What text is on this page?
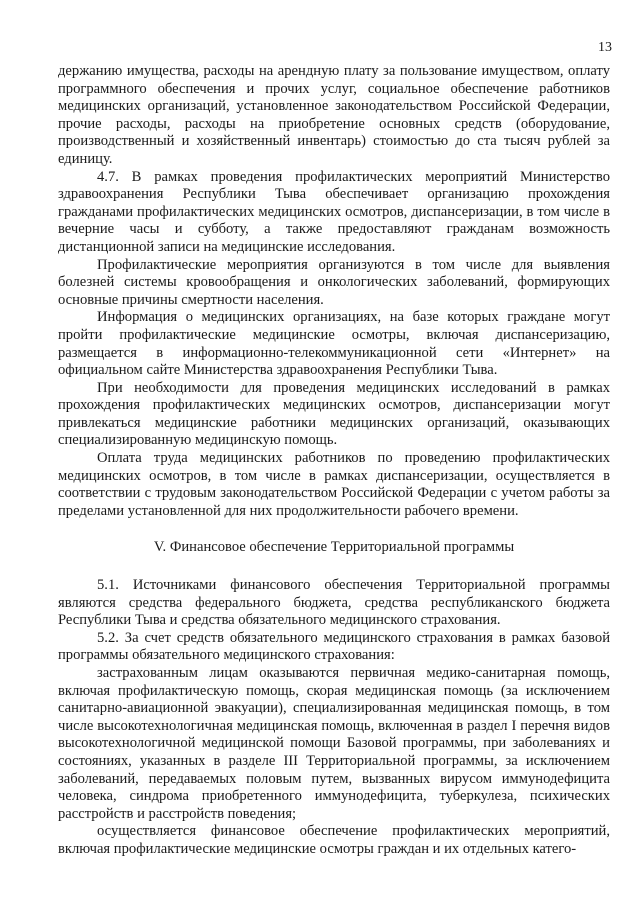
13

держанию имущества, расходы на арендную плату за пользование имуществом, оплату программного обеспечения и прочих услуг, социальное обеспечение работников медицинских организаций, установленное законодательством Российской Федерации, прочие расходы, расходы на приобретение основных средств (оборудование, производственный и хозяйственный инвентарь) стоимостью до ста тысяч рублей за единицу.

4.7. В рамках проведения профилактических мероприятий Министерство здравоохранения Республики Тыва обеспечивает организацию прохождения гражданами профилактических медицинских осмотров, диспансеризации, в том числе в вечерние часы и субботу, а также предоставляют гражданам возможность дистанционной записи на медицинские исследования.

Профилактические мероприятия организуются в том числе для выявления болезней системы кровообращения и онкологических заболеваний, формирующих основные причины смертности населения.

Информация о медицинских организациях, на базе которых граждане могут пройти профилактические медицинские осмотры, включая диспансеризацию, размещается в информационно-телекоммуникационной сети «Интернет» на официальном сайте Министерства здравоохранения Республики Тыва.

При необходимости для проведения медицинских исследований в рамках прохождения профилактических медицинских осмотров, диспансеризации могут привлекаться медицинские работники медицинских организаций, оказывающих специализированную медицинскую помощь.

Оплата труда медицинских работников по проведению профилактических медицинских осмотров, в том числе в рамках диспансеризации, осуществляется в соответствии с трудовым законодательством Российской Федерации с учетом работы за пределами установленной для них продолжительности рабочего времени.

V. Финансовое обеспечение Территориальной программы

5.1. Источниками финансового обеспечения Территориальной программы являются средства федерального бюджета, средства республиканского бюджета Республики Тыва и средства обязательного медицинского страхования.

5.2. За счет средств обязательного медицинского страхования в рамках базовой программы обязательного медицинского страхования:

застрахованным лицам оказываются первичная медико-санитарная помощь, включая профилактическую помощь, скорая медицинская помощь (за исключением санитарно-авиационной эвакуации), специализированная медицинская помощь, в том числе высокотехнологичная медицинская помощь, включенная в раздел I перечня видов высокотехнологичной медицинской помощи Базовой программы, при заболеваниях и состояниях, указанных в разделе III Территориальной программы, за исключением заболеваний, передаваемых половым путем, вызванных вирусом иммунодефицита человека, синдрома приобретенного иммунодефицита, туберкулеза, психических расстройств и расстройств поведения;

осуществляется финансовое обеспечение профилактических мероприятий, включая профилактические медицинские осмотры граждан и их отдельных катего-
